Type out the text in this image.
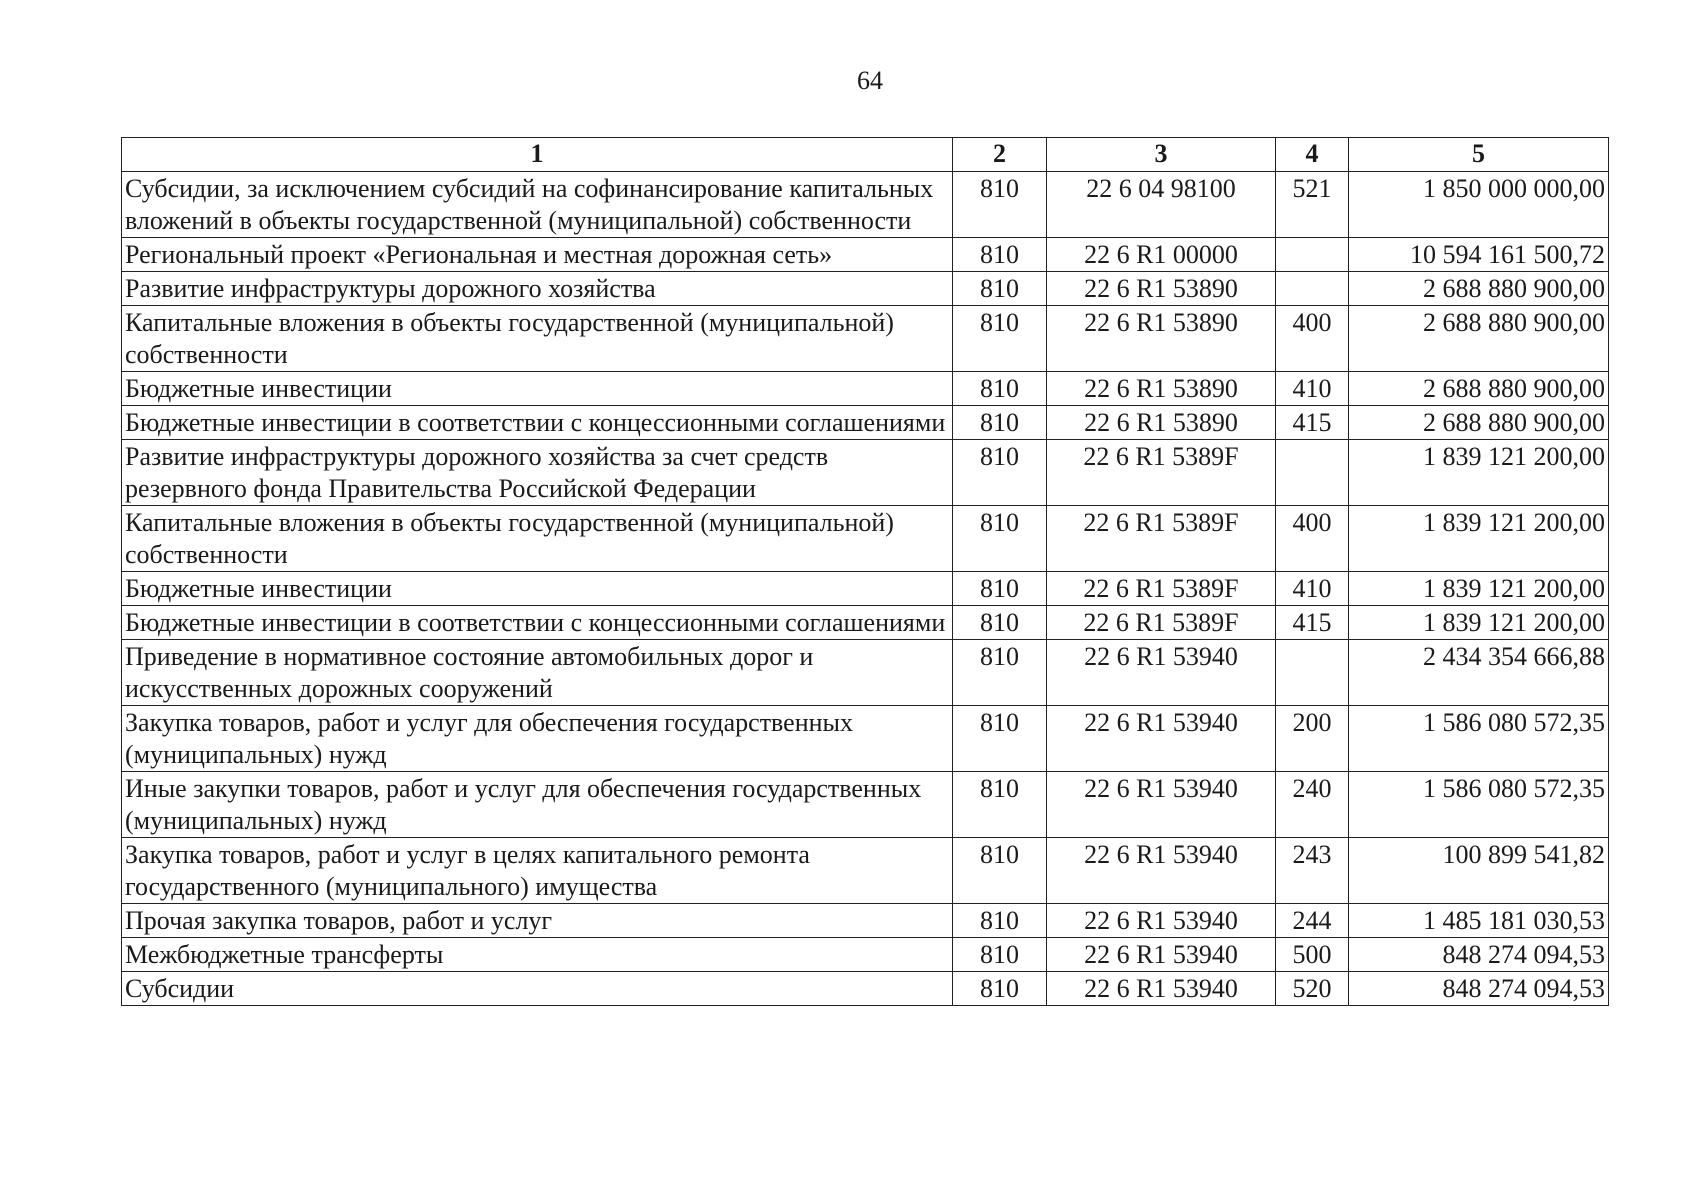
64
1	2	3	4	5
Субсидии, за исключением субсидий на софинансирование капитальных вложений в объекты государственной (муниципальной) собственности	810	22 6 04 98100	521	1 850 000 000,00
Региональный проект «Региональная и местная дорожная сеть»	810	22 6 R1 00000		10 594 161 500,72
Развитие инфраструктуры дорожного хозяйства	810	22 6 R1 53890		2 688 880 900,00
Капитальные вложения в объекты государственной (муниципальной) собственности	810	22 6 R1 53890	400	2 688 880 900,00
Бюджетные инвестиции	810	22 6 R1 53890	410	2 688 880 900,00
Бюджетные инвестиции в соответствии с концессионными соглашениями	810	22 6 R1 53890	415	2 688 880 900,00
Развитие инфраструктуры дорожного хозяйства за счет средств резервного фонда Правительства Российской Федерации	810	22 6 R1 5389F		1 839 121 200,00
Капитальные вложения в объекты государственной (муниципальной) собственности	810	22 6 R1 5389F	400	1 839 121 200,00
Бюджетные инвестиции	810	22 6 R1 5389F	410	1 839 121 200,00
Бюджетные инвестиции в соответствии с концессионными соглашениями	810	22 6 R1 5389F	415	1 839 121 200,00
Приведение в нормативное состояние автомобильных дорог и искусственных дорожных сооружений	810	22 6 R1 53940		2 434 354 666,88
Закупка товаров, работ и услуг для обеспечения государственных (муниципальных) нужд	810	22 6 R1 53940	200	1 586 080 572,35
Иные закупки товаров, работ и услуг для обеспечения государственных (муниципальных) нужд	810	22 6 R1 53940	240	1 586 080 572,35
Закупка товаров, работ и услуг в целях капитального ремонта государственного (муниципального) имущества	810	22 6 R1 53940	243	100 899 541,82
Прочая закупка товаров, работ и услуг	810	22 6 R1 53940	244	1 485 181 030,53
Межбюджетные трансферты	810	22 6 R1 53940	500	848 274 094,53
Субсидии	810	22 6 R1 53940	520	848 274 094,53
